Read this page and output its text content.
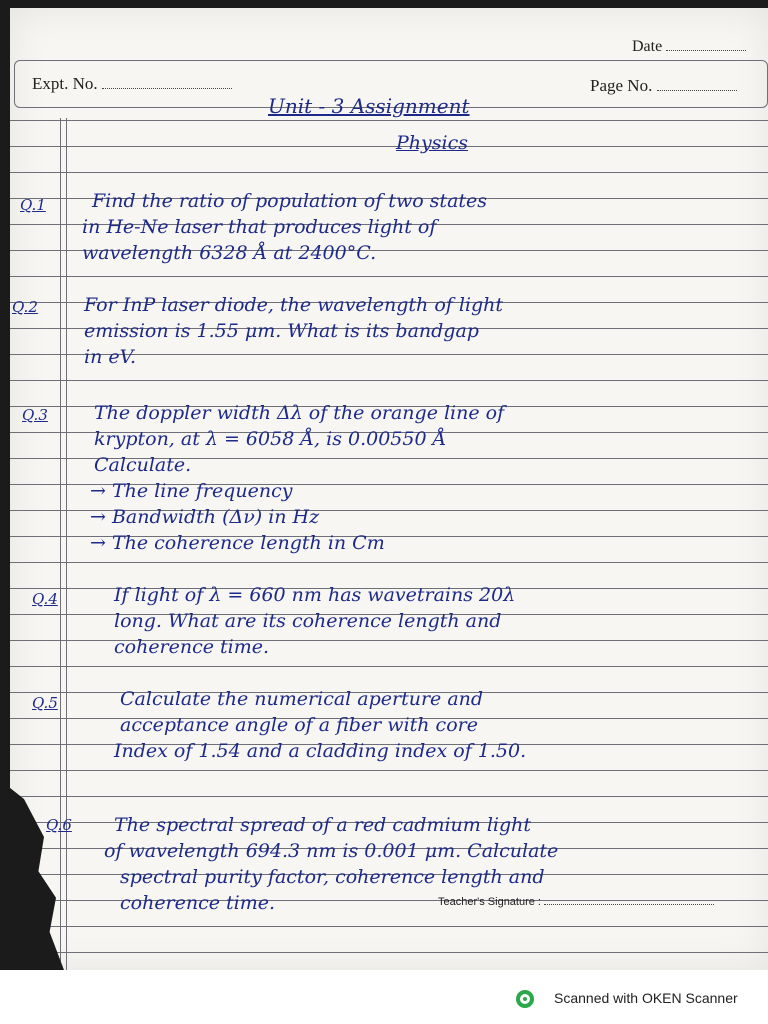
Date
Expt. No.	Page No.
Unit - 3 Assignment
Physics
Q.1 Find the ratio of population of two states
in He-Ne laser that produces light of
wavelength 6328 Å at 2400°C.
Q.2 For InP laser diode, the wavelength of light
emission is 1.55 μm. What is its bandgap
in eV.
Q.3 The doppler width Δλ of the orange line of
krypton, at λ = 6058 Å, is 0.00550 Å
Calculate.
→ The line frequency
→ Bandwidth (Δν) in Hz
→ The coherence length in Cm
Q.4	If light of λ = 660 nm has wavetrains 20λ
long. What are its coherence length and
coherence time.
Q.5	Calculate the numerical aperture and
acceptance angle of a fiber with core
Index of 1.54 and a cladding index of 1.50.
Q.6 The spectral spread of a red cadmium light
of wavelength 694.3 nm is 0.001 μm. Calculate
spectral purity factor, coherence length and
coherence time.	Teacher's Signature :
Scanned with OKEN Scanner
